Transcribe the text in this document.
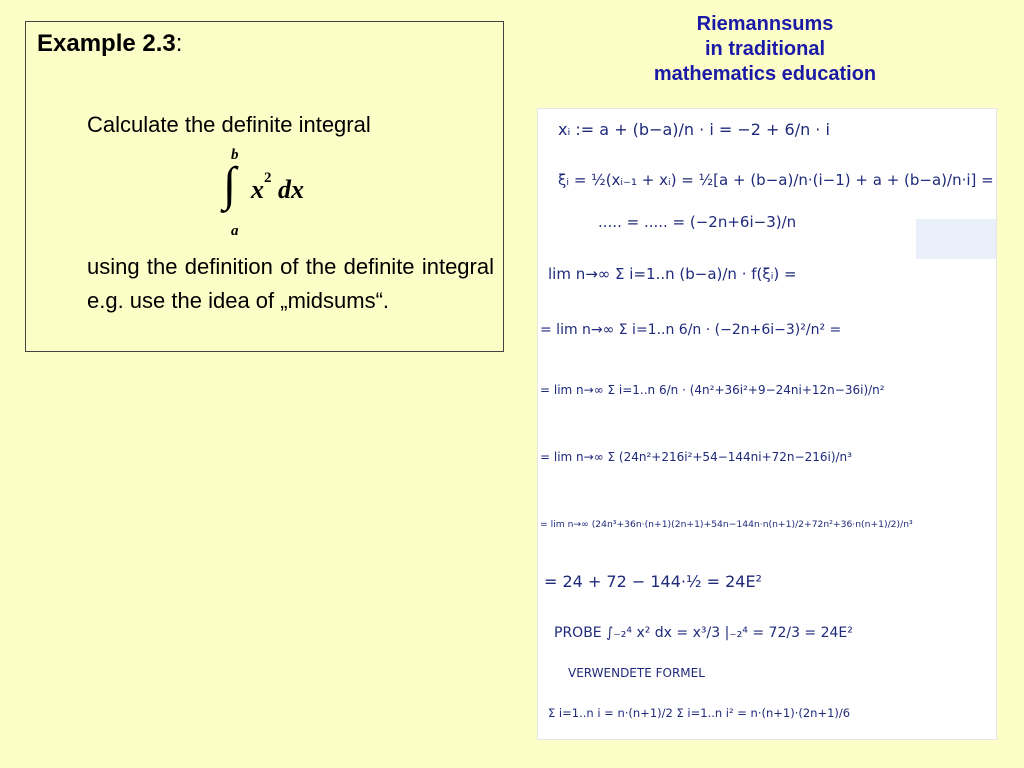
Riemannsums
in traditional
mathematics education
Example 2.3:
Calculate the definite integral
b
∫
a
$x^2$ dx
using the definition of the definite integral e.g. use the idea of „midsums“.
xᵢ := a + (b−a)/n · i = −2 + 6/n · i
ξᵢ = ½(xᵢ₋₁ + xᵢ) = ½[a + (b−a)/n·(i−1) + a + (b−a)/n·i] =
..... = ..... = (−2n+6i−3)/n
lim n→∞ Σ i=1..n (b−a)/n · f(ξᵢ) =
= lim n→∞ Σ i=1..n 6/n · (−2n+6i−3)²/n² =
= lim n→∞ Σ i=1..n 6/n · (4n²+36i²+9−24ni+12n−36i)/n²
= lim n→∞ Σ (24n²+216i²+54−144ni+72n−216i)/n³
= lim n→∞ (24n³+36n·(n+1)(2n+1)+54n−144n·n(n+1)/2+72n²+36·n(n+1)/2)/n³
= 24 + 72 − 144·½ = 24E²
PROBE ∫₋₂⁴ x² dx = x³/3 |₋₂⁴ = 72/3 = 24E²
VERWENDETE FORMEL
Σ i=1..n i = n·(n+1)/2 Σ i=1..n i² = n·(n+1)·(2n+1)/6
